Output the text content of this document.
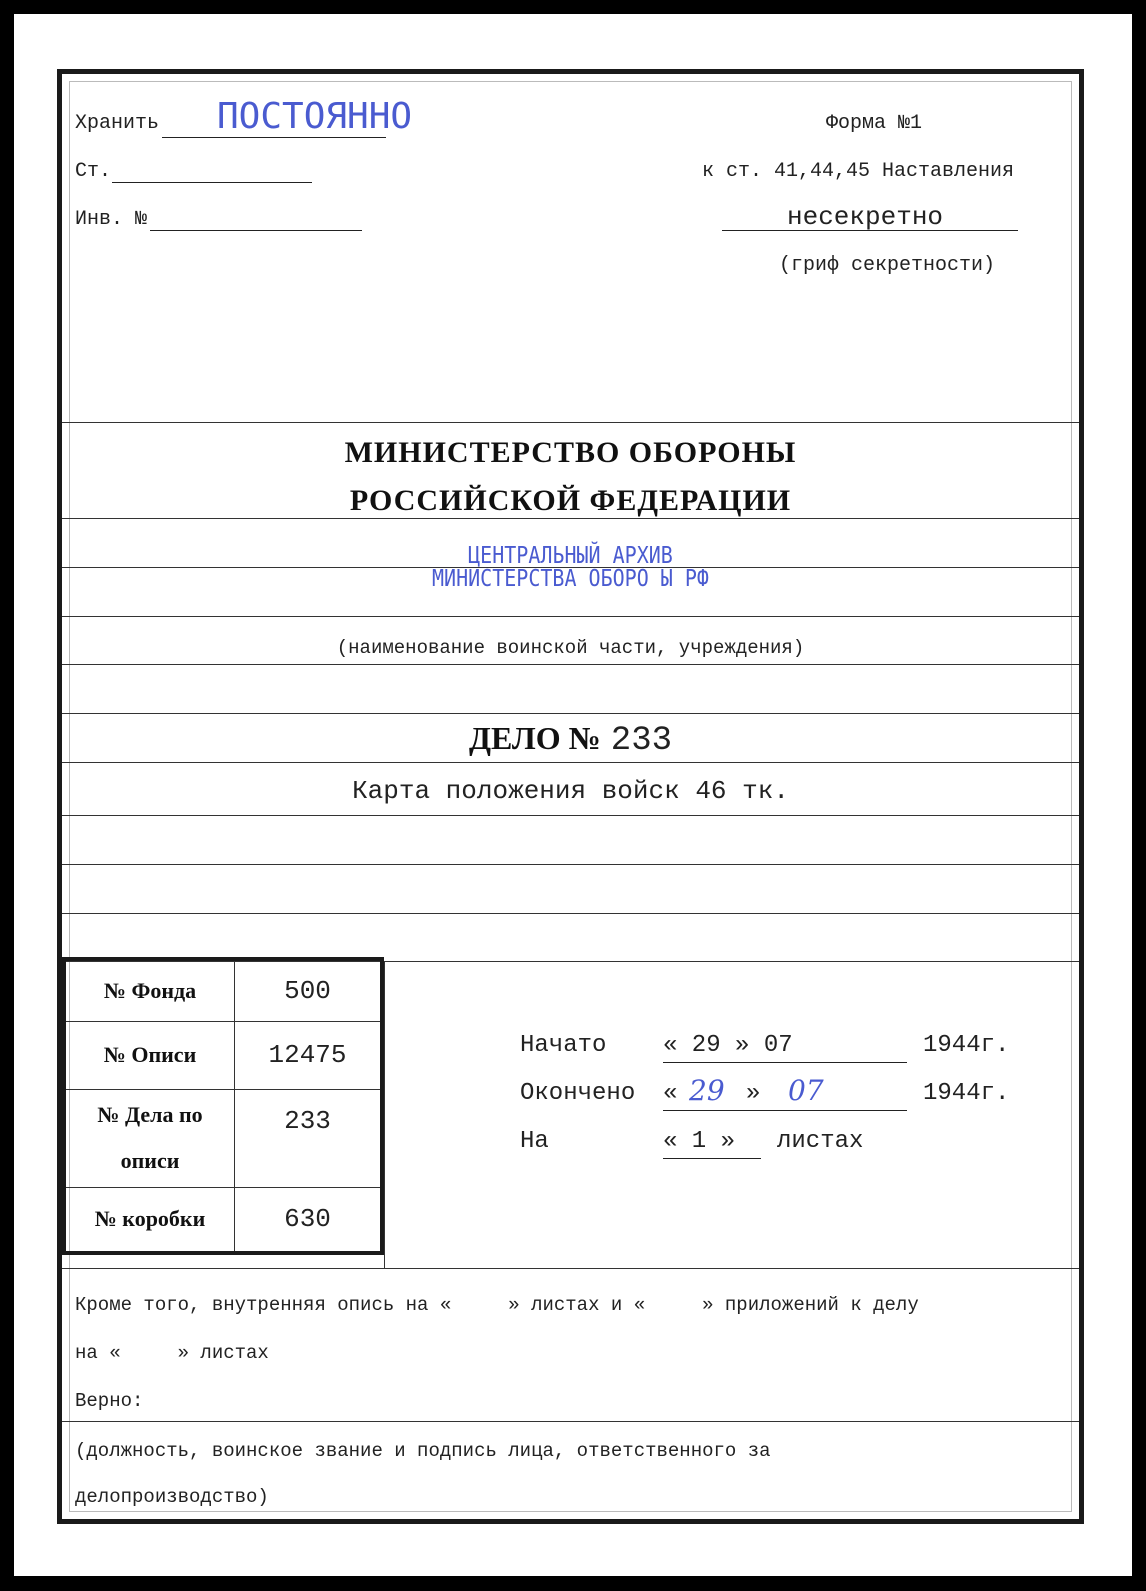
Хранить ПОСТОЯННО	Форма №1
Ст.	к ст. 41,44,45 Наставления
Инв. №	несекретно
(гриф секретности)
МИНИСТЕРСТВО ОБОРОНЫ
РОССИЙСКОЙ ФЕДЕРАЦИИ
ЦЕНТРАЛЬНЫЙ АРХИВ
МИНИСТЕРСТВА ОБОРО Ы РФ
(наименование воинской части, учреждения)
ДЕЛО № 233
Карта положения войск 46 тк.
№ Фонда	500
№ Описи	12475
№ Дела по описи	233
№ коробки	630
Начато « 29 » 07	1944г.
Окончено « 29 » 07	1944г.
На	« 1 » листах
Кроме того, внутренняя опись на «     » листах и «     » приложений к делу
на «     » листах
Верно:
(должность, воинское звание и подпись лица, ответственного за
делопроизводство)
